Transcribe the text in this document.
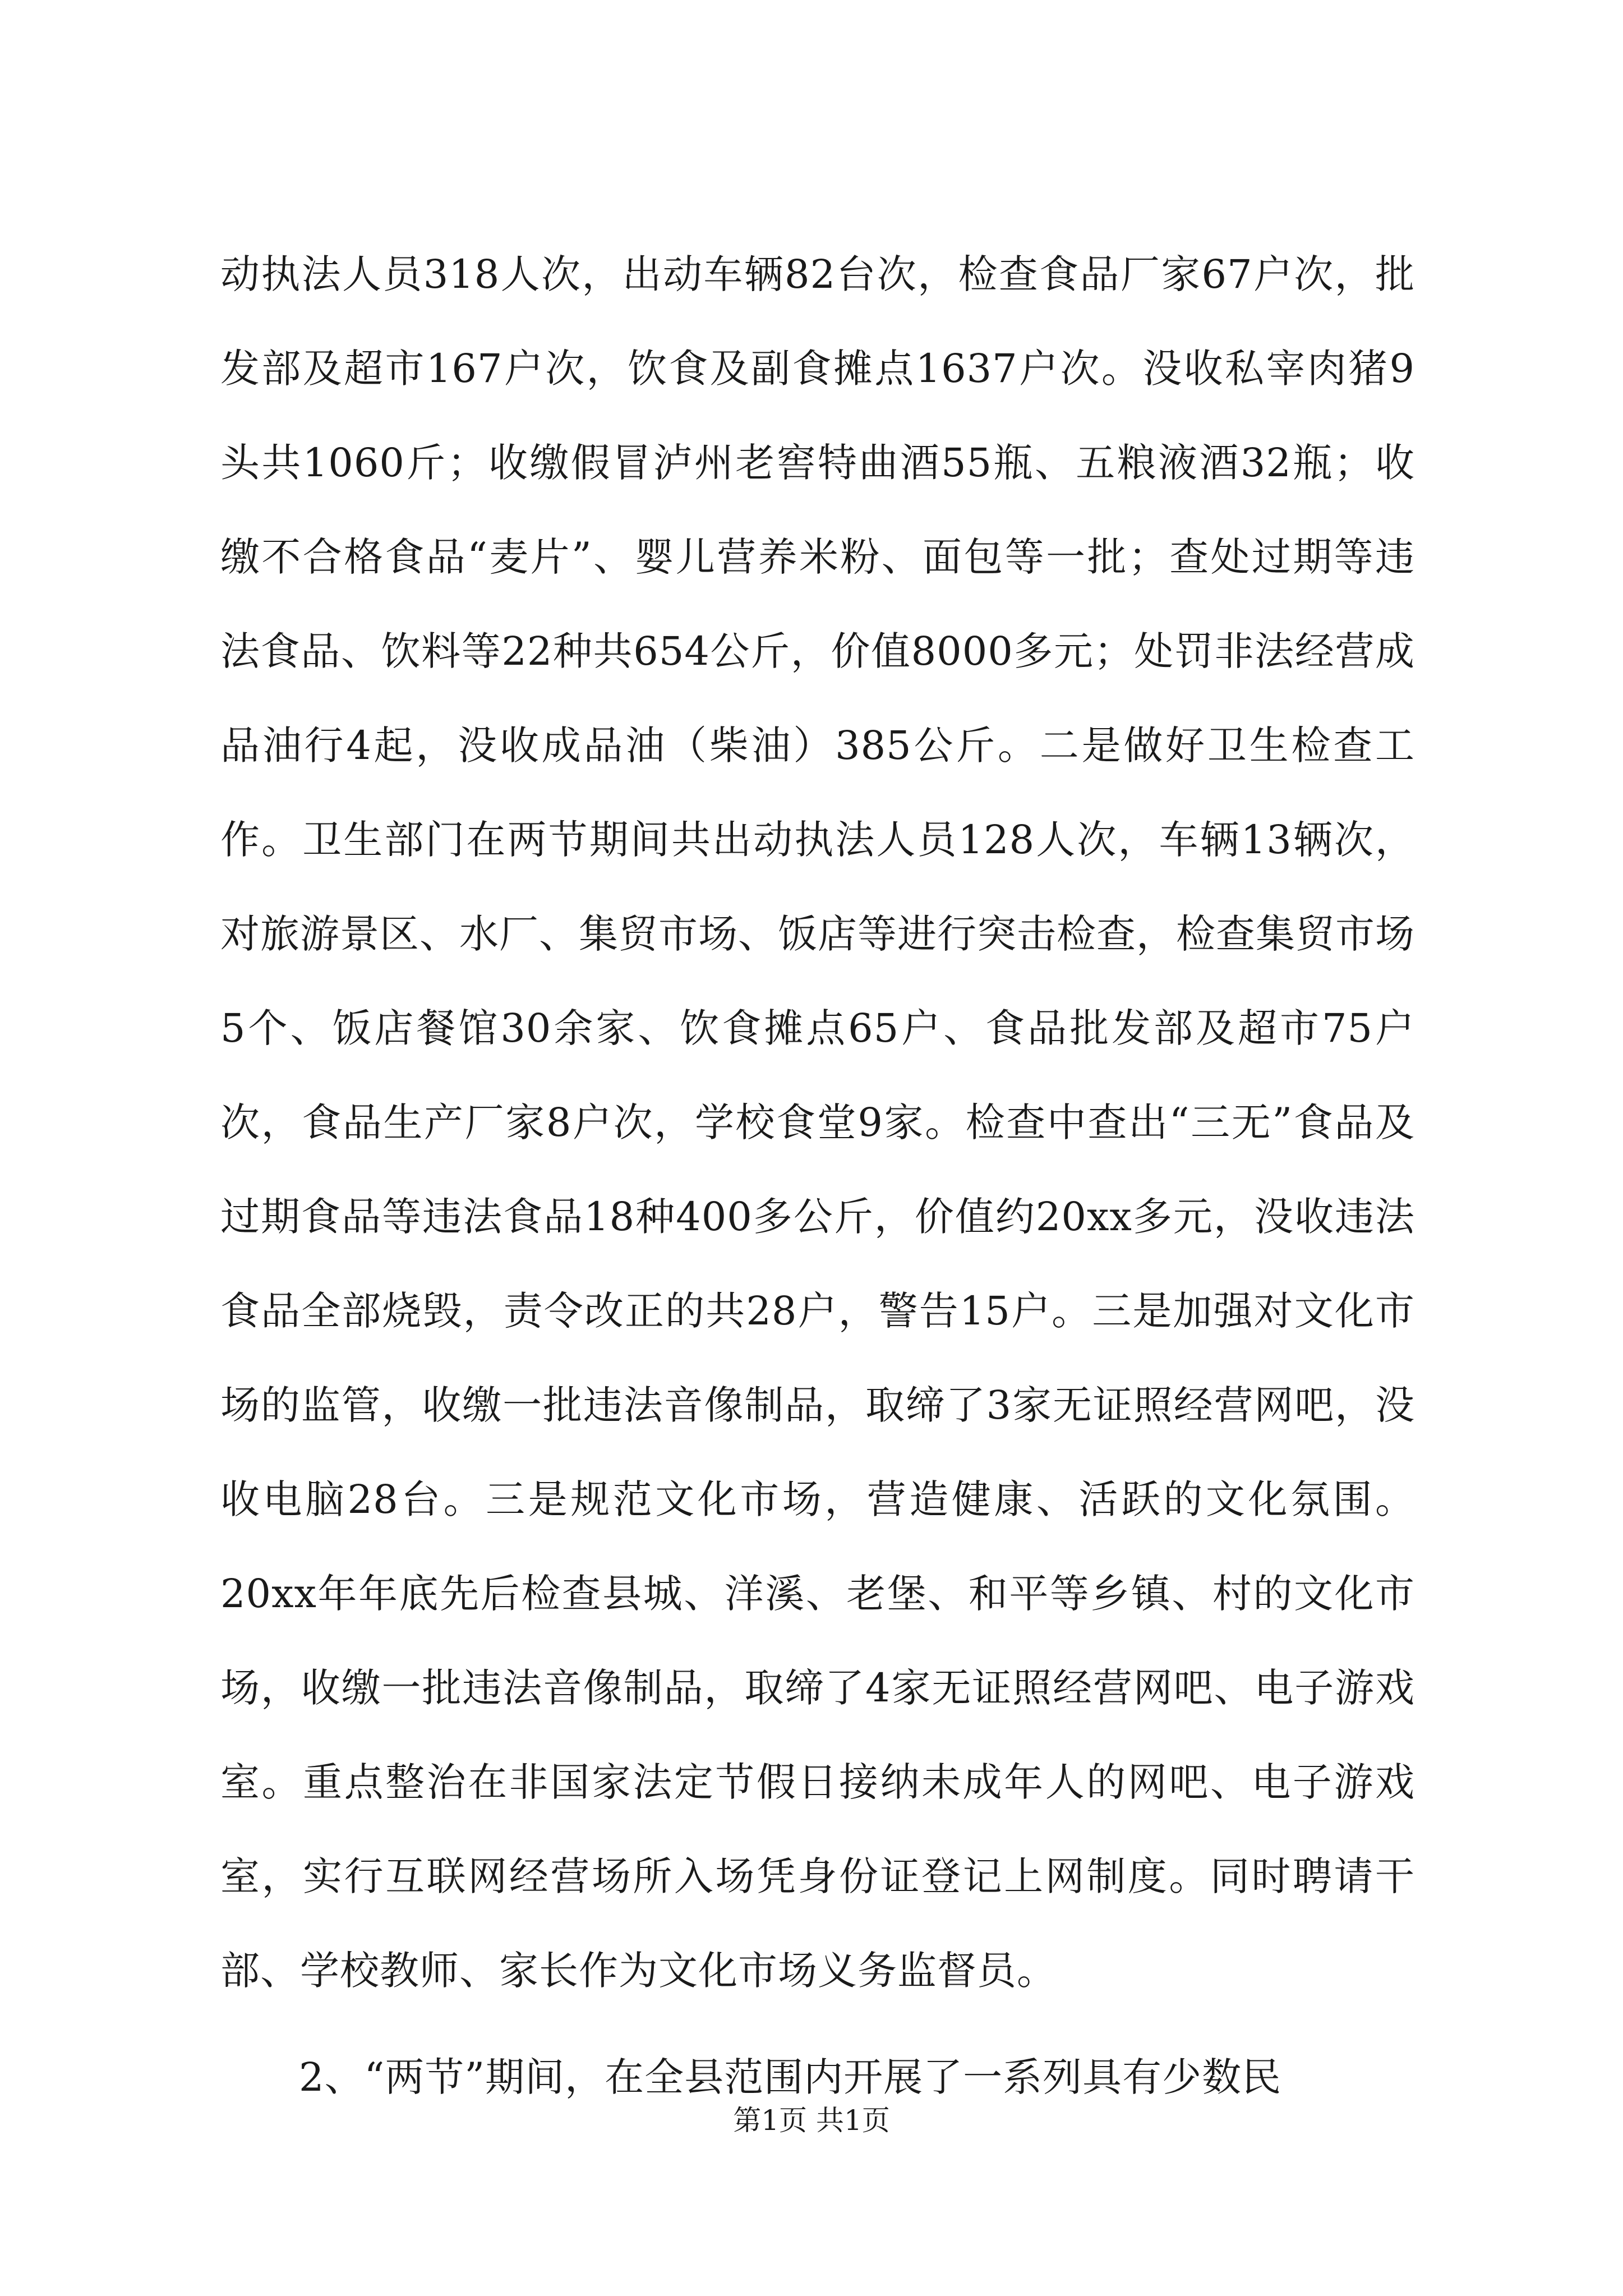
动执法人员318人次，出动车辆82台次，检查食品厂家67户次，批发部及超市167户次，饮食及副食摊点1637户次。没收私宰肉猪9头共1060斤；收缴假冒泸州老窖特曲酒55瓶、五粮液酒32瓶；收缴不合格食品“麦片”、婴儿营养米粉、面包等一批；查处过期等违法食品、饮料等22种共654公斤，价值8000多元；处罚非法经营成品油行4起，没收成品油（柴油）385公斤。二是做好卫生检查工作。卫生部门在两节期间共出动执法人员128人次，车辆13辆次，对旅游景区、水厂、集贸市场、饭店等进行突击检查，检查集贸市场5个、饭店餐馆30余家、饮食摊点65户、食品批发部及超市75户次，食品生产厂家8户次，学校食堂9家。检查中查出“三无”食品及过期食品等违法食品18种400多公斤，价值约20xx多元，没收违法食品全部烧毁，责令改正的共28户，警告15户。三是加强对文化市场的监管，收缴一批违法音像制品，取缔了3家无证照经营网吧，没收电脑28台。三是规范文化市场，营造健康、活跃的文化氛围。20xx年年底先后检查县城、洋溪、老堡、和平等乡镇、村的文化市场，收缴一批违法音像制品，取缔了4家无证照经营网吧、电子游戏室。重点整治在非国家法定节假日接纳未成年人的网吧、电子游戏室，实行互联网经营场所入场凭身份证登记上网制度。同时聘请干部、学校教师、家长作为文化市场义务监督员。

2、“两节”期间，在全县范围内开展了一系列具有少数民

第1页 共1页
